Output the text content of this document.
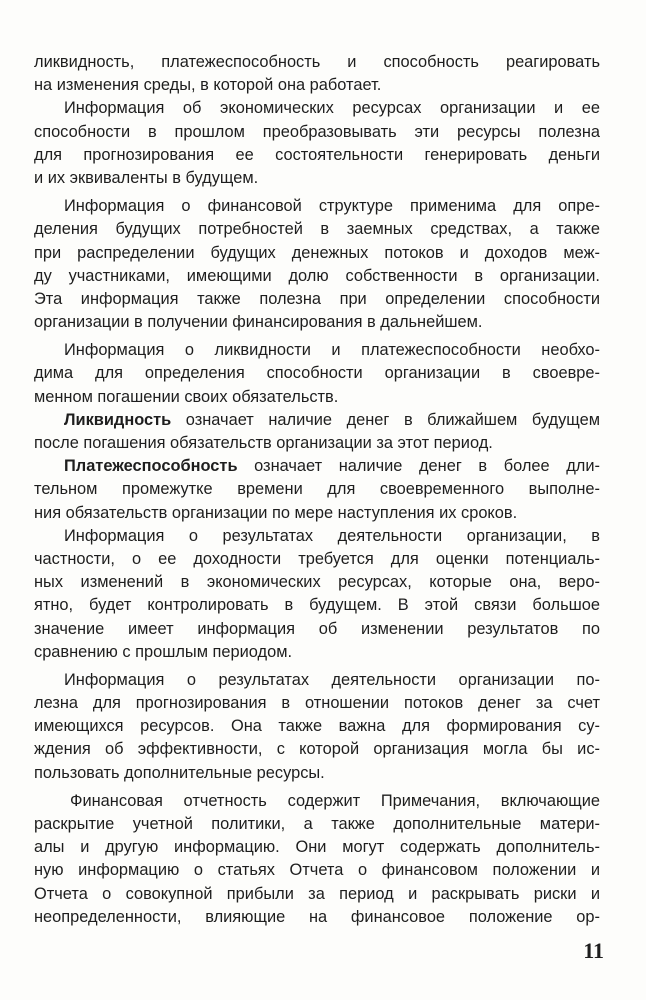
ликвидность, платежеспособность и способность реагировать
на изменения среды, в которой она работает.
Информация об экономических ресурсах организации и ее
способности в прошлом преобразовывать эти ресурсы полезна
для прогнозирования ее состоятельности генерировать деньги
и их эквиваленты в будущем.
Информация о финансовой структуре применима для опре-
деления будущих потребностей в заемных средствах, а также
при распределении будущих денежных потоков и доходов меж-
ду участниками, имеющими долю собственности в организации.
Эта информация также полезна при определении способности
организации в получении финансирования в дальнейшем.
Информация о ликвидности и платежеспособности необхо-
дима для определения способности организации в своевре-
менном погашении своих обязательств.
Ликвидность означает наличие денег в ближайшем будущем
после погашения обязательств организации за этот период.
Платежеспособность означает наличие денег в более дли-
тельном промежутке времени для своевременного выполне-
ния обязательств организации по мере наступления их сроков.
Информация о результатах деятельности организации, в
частности, о ее доходности требуется для оценки потенциаль-
ных изменений в экономических ресурсах, которые она, веро-
ятно, будет контролировать в будущем. В этой связи большое
значение имеет информация об изменении результатов по
сравнению с прошлым периодом.
Информация о результатах деятельности организации по-
лезна для прогнозирования в отношении потоков денег за счет
имеющихся ресурсов. Она также важна для формирования су-
ждения об эффективности, с которой организация могла бы ис-
пользовать дополнительные ресурсы.
Финансовая отчетность содержит Примечания, включающие
раскрытие учетной политики, а также дополнительные матери-
алы и другую информацию. Они могут содержать дополнитель-
ную информацию о статьях Отчета о финансовом положении и
Отчета о совокупной прибыли за период и раскрывать риски и
неопределенности, влияющие на финансовое положение ор-
11
